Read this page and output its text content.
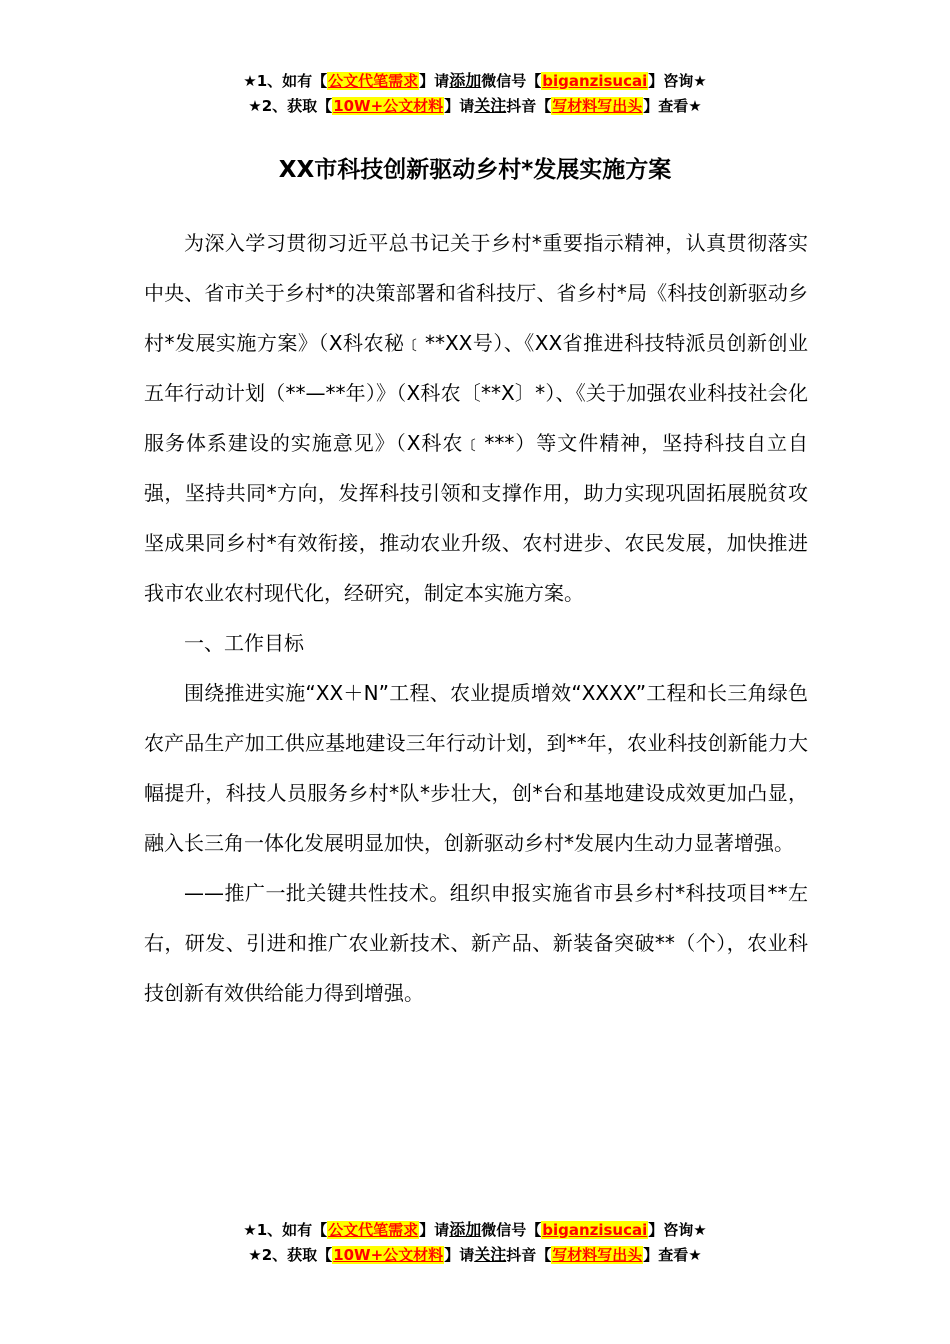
★1、如有【公文代笔需求】请添加微信号【biganzisucai】咨询★
★2、获取【10W+公文材料】请关注抖音【写材料写出头】查看★
XX市科技创新驱动乡村*发展实施方案

为深入学习贯彻习近平总书记关于乡村*重要指示精神，认真贯彻落实中央、省市关于乡村*的决策部署和省科技厅、省乡村*局《科技创新驱动乡村*发展实施方案》（X科农秘﹝**XX号）、《XX省推进科技特派员创新创业五年行动计划（**—**年）》（X科农〔**X〕*）、《关于加强农业科技社会化服务体系建设的实施意见》（X科农﹝***）等文件精神，坚持科技自立自强，坚持共同*方向，发挥科技引领和支撑作用，助力实现巩固拓展脱贫攻坚成果同乡村*有效衔接，推动农业升级、农村进步、农民发展，加快推进我市农业农村现代化，经研究，制定本实施方案。

一、工作目标

围绕推进实施“XX＋N”工程、农业提质增效“XXXX”工程和长三角绿色农产品生产加工供应基地建设三年行动计划，到**年，农业科技创新能力大幅提升，科技人员服务乡村*队*步壮大，创*台和基地建设成效更加凸显，融入长三角一体化发展明显加快，创新驱动乡村*发展内生动力显著增强。

——推广一批关键共性技术。组织申报实施省市县乡村*科技项目**左右，研发、引进和推广农业新技术、新产品、新装备突破**（个），农业科技创新有效供给能力得到增强。

★1、如有【公文代笔需求】请添加微信号【biganzisucai】咨询★
★2、获取【10W+公文材料】请关注抖音【写材料写出头】查看★
